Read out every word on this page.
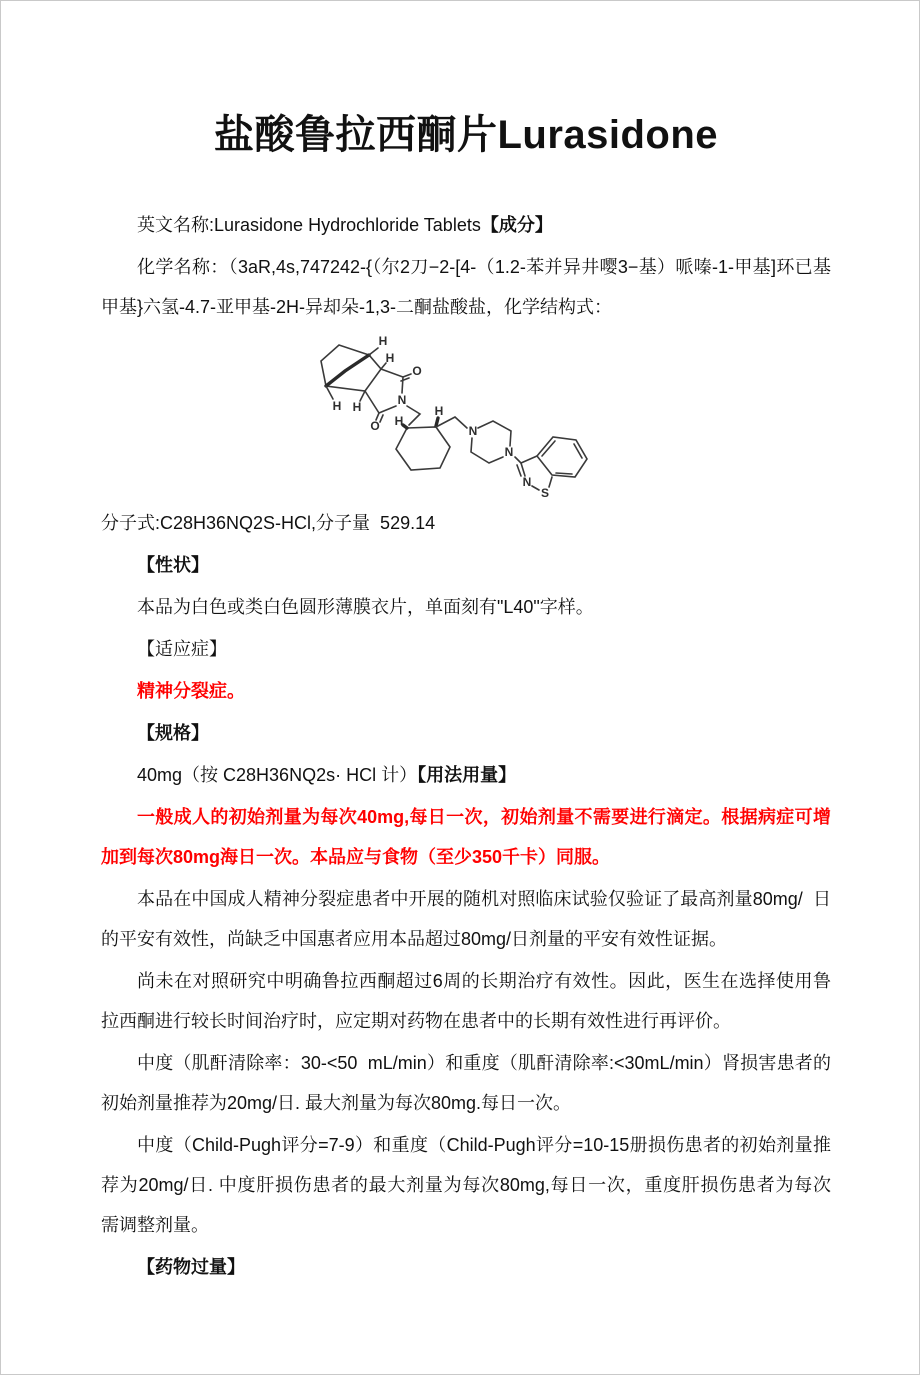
盐酸鲁拉西酮片Lurasidone

英文名称:Lurasidone Hydrochloride Tablets【成分】

化学名称：（3aR,4s,747242-{（尔2刀−2-[4-（1.2-苯并异井嘤3−基）哌嗪-1-甲基]环已基甲基}六氢-4.7-亚甲基-2H-异却朵-1,3-二酮盐酸盐，化学结构式：

H
H
O
N
H H
O H
H
N
N
N
S

分子式:C28H36NQ2S-HCl,分子量  529.14

【性状】

本品为白色或类白色圆形薄膜衣片，单面刻有"L40"字样。

【适应症】

精神分裂症。

【规格】

40mg（按 C28H36NQ2s· HCl 计）【用法用量】

一般成人的初始剂量为每次40mg,每日一次，初始剂量不需要进行滴定。根据病症可增  加到每次80mg海日一次。本品应与食物（至少350千卡）同服。

本品在中国成人精神分裂症患者中开展的随机对照临床试验仅验证了最高剂量80mg/  日的平安有效性，尚缺乏中国惠者应用本品超过80mg/日剂量的平安有效性证据。

尚未在对照研究中明确鲁拉西酮超过6周的长期治疗有效性。因此，医生在选择使用鲁  拉西酮进行较长时间治疗时，应定期对药物在患者中的长期有效性进行再评价。

中度（肌酐清除率：30-<50  mL/min）和重度（肌酐清除率:<30mL/min）肾损害患者的初始剂量推荐为20mg/日. 最大剂量为每次80mg.每日一次。

中度（Child-Pugh评分=7-9）和重度（Child-Pugh评分=10-15册损伤患者的初始剂量推  荐为20mg/日. 中度肝损伤患者的最大剂量为每次80mg,每日一次，重度肝损伤患者为每次  需调整剂量。

【药物过量】
